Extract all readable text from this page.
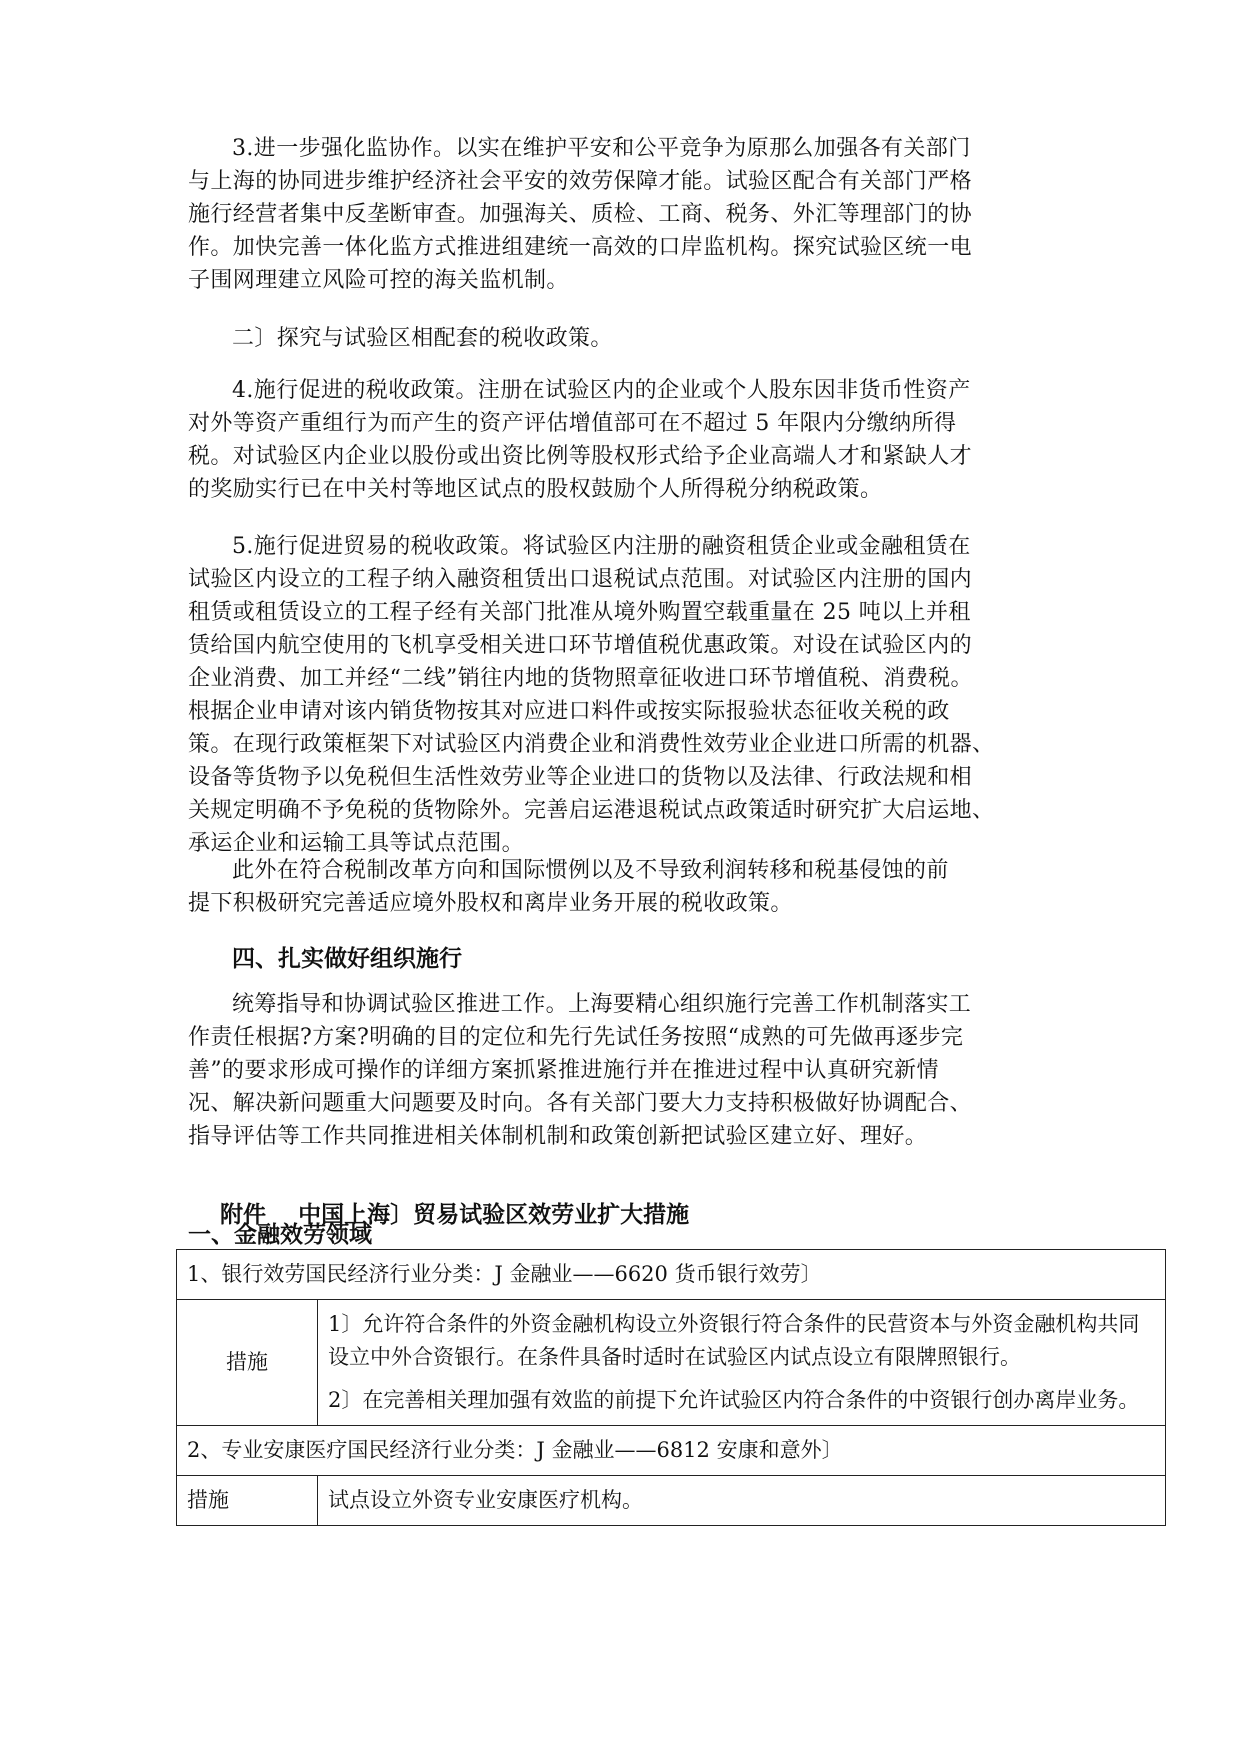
3.进一步强化监协作。以实在维护平安和公平竞争为原那么加强各有关部门
与上海的协同进步维护经济社会平安的效劳保障才能。试验区配合有关部门严格
施行经营者集中反垄断审查。加强海关、质检、工商、税务、外汇等理部门的协
作。加快完善一体化监方式推进组建统一高效的口岸监机构。探究试验区统一电
子围网理建立风险可控的海关监机制。
二〕探究与试验区相配套的税收政策。
4.施行促进的税收政策。注册在试验区内的企业或个人股东因非货币性资产
对外等资产重组行为而产生的资产评估增值部可在不超过 5 年限内分缴纳所得
税。对试验区内企业以股份或出资比例等股权形式给予企业高端人才和紧缺人才
的奖励实行已在中关村等地区试点的股权鼓励个人所得税分纳税政策。
5.施行促进贸易的税收政策。将试验区内注册的融资租赁企业或金融租赁在
试验区内设立的工程子纳入融资租赁出口退税试点范围。对试验区内注册的国内
租赁或租赁设立的工程子经有关部门批准从境外购置空载重量在 25 吨以上并租
赁给国内航空使用的飞机享受相关进口环节增值税优惠政策。对设在试验区内的
企业消费、加工并经“二线”销往内地的货物照章征收进口环节增值税、消费税。
根据企业申请对该内销货物按其对应进口料件或按实际报验状态征收关税的政
策。在现行政策框架下对试验区内消费企业和消费性效劳业企业进口所需的机器、
设备等货物予以免税但生活性效劳业等企业进口的货物以及法律、行政法规和相
关规定明确不予免税的货物除外。完善启运港退税试点政策适时研究扩大启运地、
承运企业和运输工具等试点范围。
此外在符合税制改革方向和国际惯例以及不导致利润转移和税基侵蚀的前
提下积极研究完善适应境外股权和离岸业务开展的税收政策。
四、扎实做好组织施行
统筹指导和协调试验区推进工作。上海要精心组织施行完善工作机制落实工
作责任根据?方案?明确的目的定位和先行先试任务按照“成熟的可先做再逐步完
善”的要求形成可操作的详细方案抓紧推进施行并在推进过程中认真研究新情
况、解决新问题重大问题要及时向。各有关部门要大力支持积极做好协调配合、
指导评估等工作共同推进相关体制机制和政策创新把试验区建立好、理好。

附件 中国上海〕贸易试验区效劳业扩大措施

一、金融效劳领域
1、银行效劳国民经济行业分类：J 金融业——6620 货币银行效劳〕	
措施	1〕允许符合条件的外资金融机构设立外资银行符合条件的民营资本与外资金融机构共同设立中外合资银行。在条件具备时适时在试验区内试点设立有限牌照银行。

2〕在完善相关理加强有效监的前提下允许试验区内符合条件的中资银行创办离岸业务。

2、专业安康医疗国民经济行业分类：J 金融业——6812 安康和意外〕	
措施	试点设立外资专业安康医疗机构。
